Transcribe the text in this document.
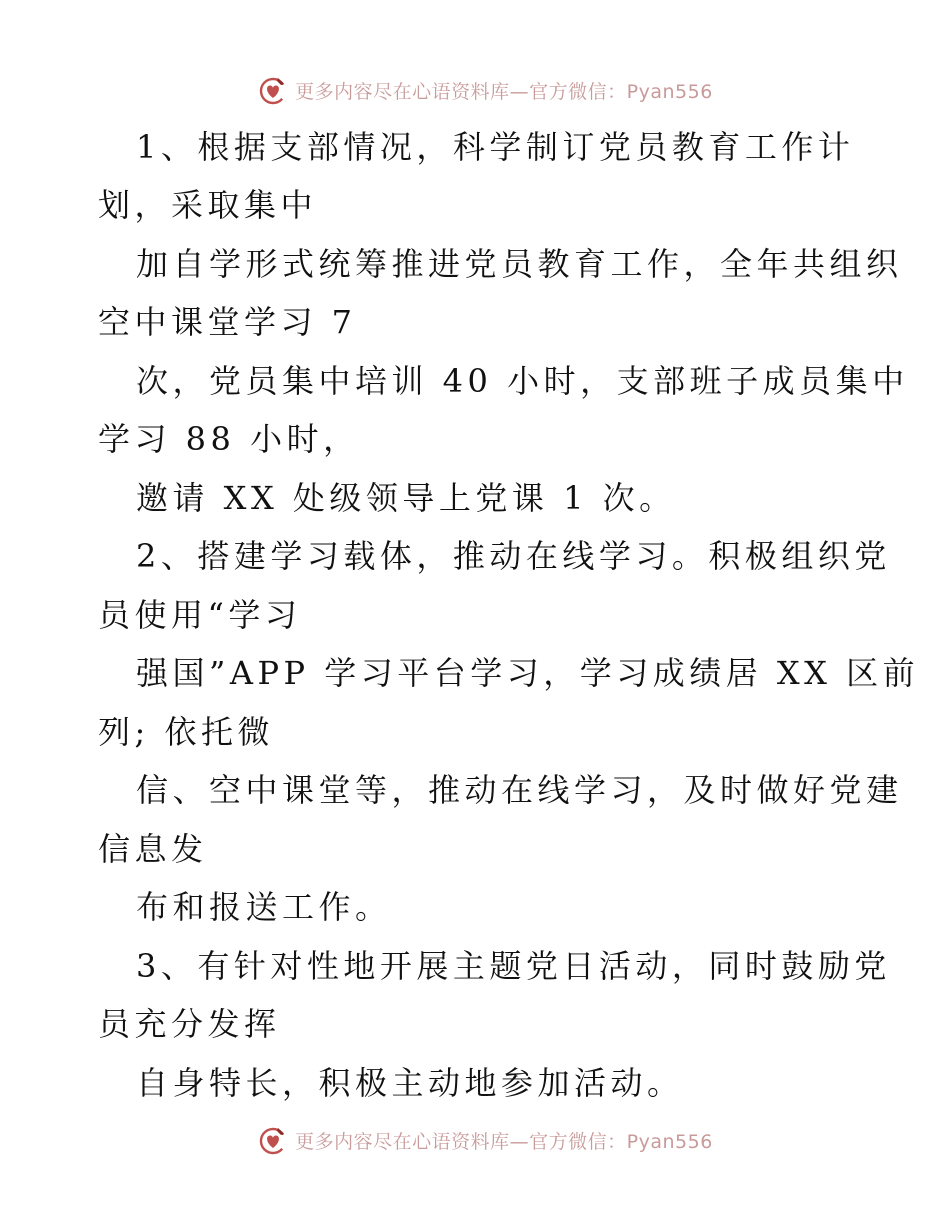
更多内容尽在心语资料库—官方微信：Pyan556
1、根据支部情况，科学制订党员教育工作计
划，采取集中
加自学形式统筹推进党员教育工作，全年共组织
空中课堂学习 7
次，党员集中培训 40 小时，支部班子成员集中
学习 88 小时，
邀请 XX 处级领导上党课 1 次。
2、搭建学习载体，推动在线学习。积极组织党
员使用“学习
强国”APP 学习平台学习，学习成绩居 XX 区前
列; 依托微
信、空中课堂等，推动在线学习，及时做好党建
信息发
布和报送工作。
3、有针对性地开展主题党日活动，同时鼓励党
员充分发挥
自身特长，积极主动地参加活动。
更多内容尽在心语资料库—官方微信：Pyan556
